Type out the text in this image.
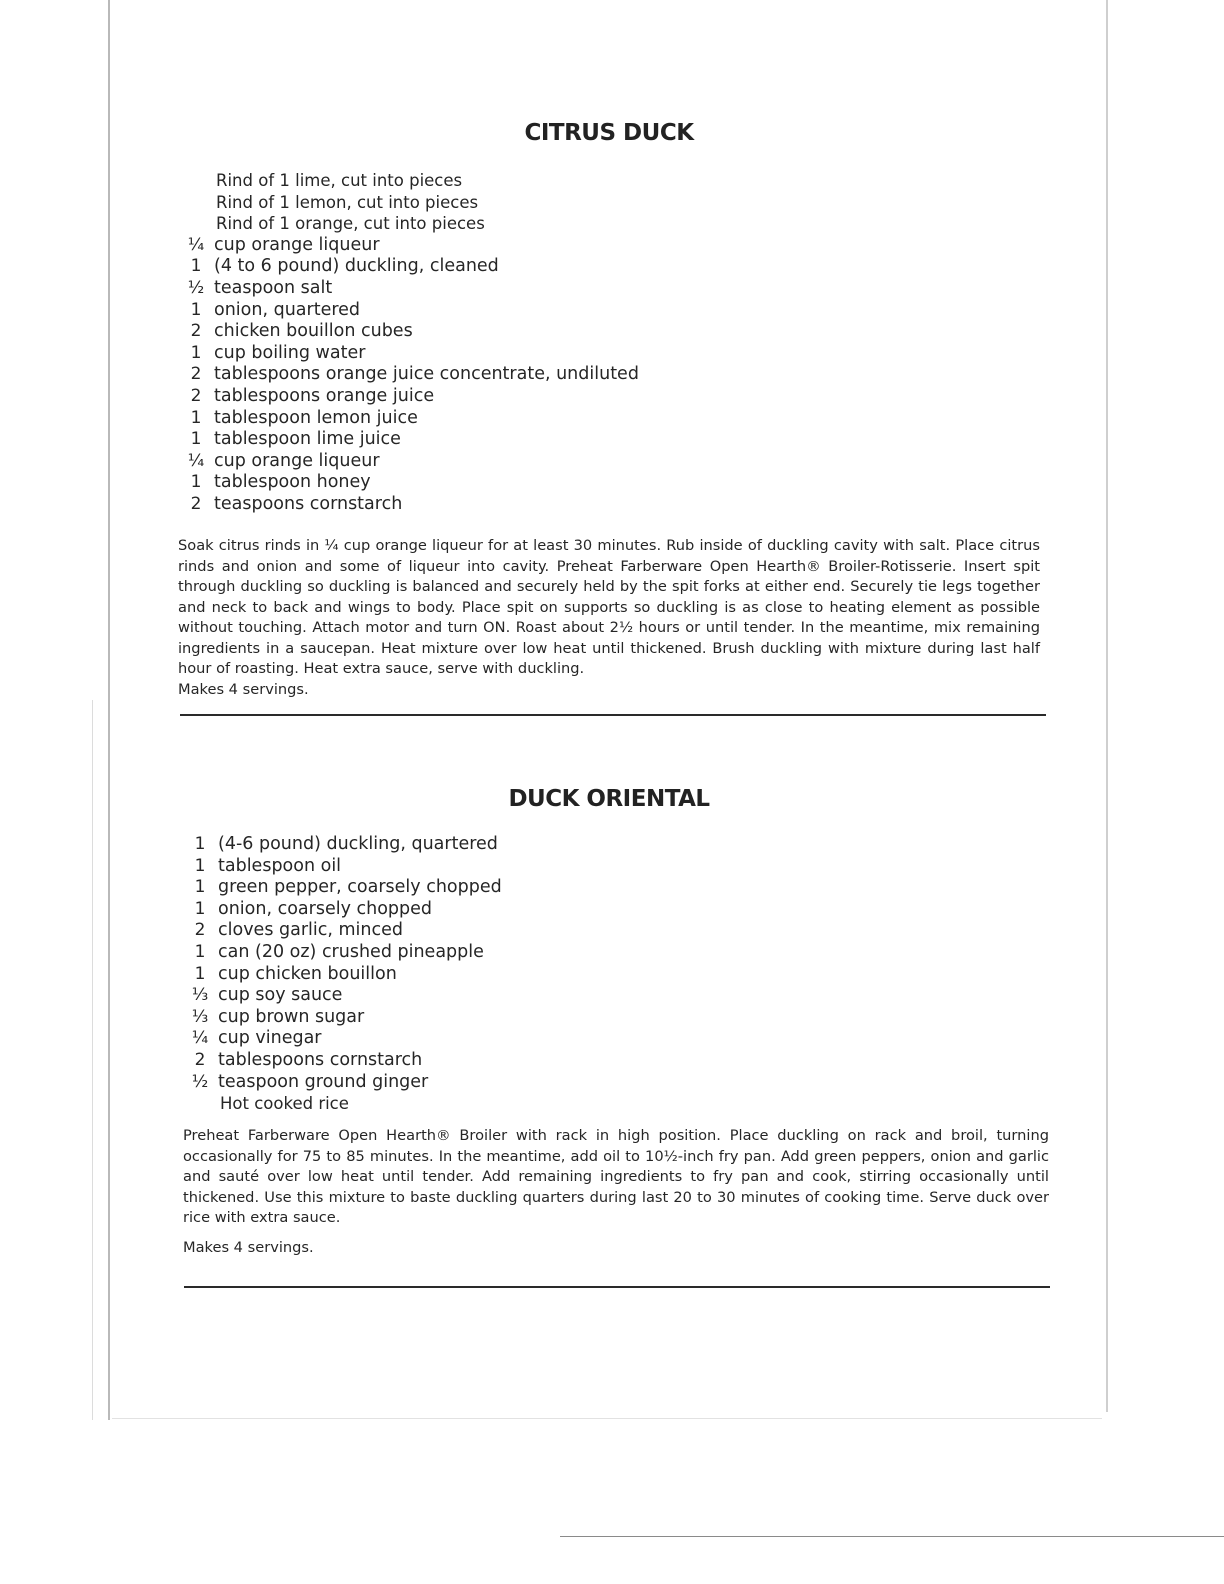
CITRUS DUCK
Rind of 1 lime, cut into pieces
Rind of 1 lemon, cut into pieces
Rind of 1 orange, cut into pieces
¼ cup orange liqueur
1 (4 to 6 pound) duckling, cleaned
½ teaspoon salt
1 onion, quartered
2 chicken bouillon cubes
1 cup boiling water
2 tablespoons orange juice concentrate, undiluted
2 tablespoons orange juice
1 tablespoon lemon juice
1 tablespoon lime juice
¼ cup orange liqueur
1 tablespoon honey
2 teaspoons cornstarch

Soak citrus rinds in ¼ cup orange liqueur for at least 30 minutes. Rub inside of duckling cavity with salt. Place citrus rinds and onion and some of liqueur into cavity. Preheat Farberware Open Hearth® Broiler-Rotisserie. Insert spit through duckling so duckling is balanced and securely held by the spit forks at either end. Securely tie legs together and neck to back and wings to body. Place spit on supports so duckling is as close to heating element as possible without touching. Attach motor and turn ON. Roast about 2½ hours or until tender. In the meantime, mix remaining ingredients in a saucepan. Heat mixture over low heat until thickened. Brush duckling with mixture during last half hour of roasting. Heat extra sauce, serve with duckling.

Makes 4 servings.
DUCK ORIENTAL
1 (4-6 pound) duckling, quartered
1 tablespoon oil
1 green pepper, coarsely chopped
1 onion, coarsely chopped
2 cloves garlic, minced
1 can (20 oz) crushed pineapple
1 cup chicken bouillon
⅓ cup soy sauce
⅓ cup brown sugar
¼ cup vinegar
2 tablespoons cornstarch
½ teaspoon ground ginger
Hot cooked rice

Preheat Farberware Open Hearth® Broiler with rack in high position. Place duckling on rack and broil, turning occasionally for 75 to 85 minutes. In the meantime, add oil to 10½-inch fry pan. Add green peppers, onion and garlic and sauté over low heat until tender. Add remaining ingredients to fry pan and cook, stirring occasionally until thickened. Use this mixture to baste duckling quarters during last 20 to 30 minutes of cooking time. Serve duck over rice with extra sauce.

Makes 4 servings.
